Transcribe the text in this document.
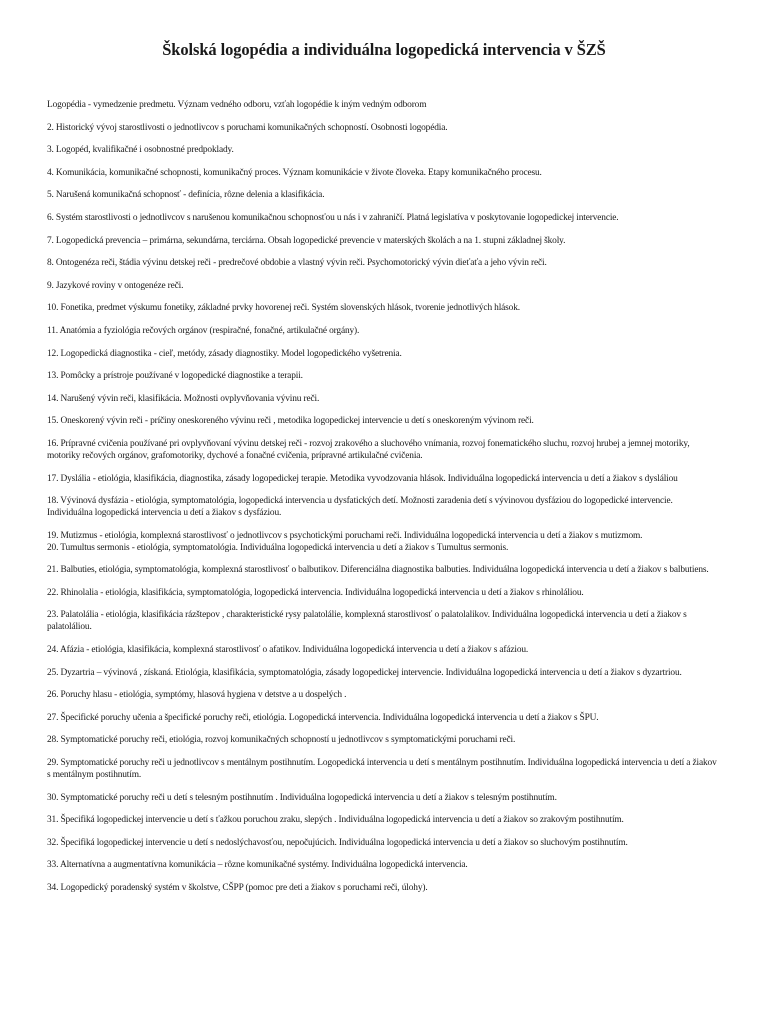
Školská logopédia a individuálna logopedická intervencia v ŠZŠ
Logopédia - vymedzenie predmetu. Význam vedného odboru, vzťah logopédie k iným vedným odborom
2. Historický vývoj starostlivosti o jednotlivcov s poruchami komunikačných schopností. Osobnosti logopédia.
3. Logopéd, kvalifikačné i osobnostné predpoklady.
4. Komunikácia, komunikačné schopnosti, komunikačný proces. Význam komunikácie v živote človeka. Etapy komunikačného procesu.
5. Narušená komunikačná schopnosť - definícia, rôzne delenia a klasifikácia.
6. Systém starostlivosti o jednotlivcov s narušenou komunikačnou schopnosťou u nás i v zahraničí. Platná legislatíva v poskytovanie logopedickej intervencie.
7. Logopedická prevencia – primárna, sekundárna, terciárna. Obsah logopedické prevencie v materských školách a na 1. stupni základnej školy.
8. Ontogenéza reči, štádia vývinu detskej reči - predrečové obdobie a vlastný vývin reči. Psychomotorický vývin dieťaťa a jeho vývin reči.
9. Jazykové roviny v ontogenéze reči.
10. Fonetika, predmet výskumu fonetiky, základné prvky hovorenej reči. Systém slovenských hlások, tvorenie jednotlivých hlások.
11. Anatómia a fyziológia rečových orgánov (respiračné, fonačné, artikulačné orgány).
12. Logopedická diagnostika - cieľ, metódy, zásady diagnostiky. Model logopedického vyšetrenia.
13. Pomôcky a prístroje používané v logopedické diagnostike a terapii.
14. Narušený vývin reči, klasifikácia. Možnosti ovplyvňovania vývinu reči.
15. Oneskorený vývin reči - príčiny oneskoreného vývinu reči , metodika logopedickej intervencie u detí s oneskoreným vývinom reči.
16. Prípravné cvičenia používané pri ovplyvňovaní vývinu detskej reči - rozvoj zrakového a sluchového vnímania, rozvoj fonematického sluchu, rozvoj hrubej a jemnej motoriky, motoriky rečových orgánov, grafomotoriky, dychové a fonačné cvičenia, prípravné artikulačné cvičenia.
17. Dyslália - etiológia, klasifikácia, diagnostika, zásady logopedickej terapie. Metodika vyvodzovania hlások. Individuálna logopedická intervencia u detí a žiakov s dysláliou
18. Vývinová dysfázia - etiológia, symptomatológia, logopedická intervencia u dysfatických detí. Možnosti zaradenia detí s vývinovou dysfáziou do logopedické intervencie. Individuálna logopedická intervencia u detí a žiakov s dysfáziou.
19. Mutizmus - etiológia, komplexná starostlivosť o jednotlivcov s psychotickými poruchami reči. Individuálna logopedická intervencia u detí a žiakov s mutizmom.
20. Tumultus sermonis - etiológia, symptomatológia. Individuálna logopedická intervencia u detí a žiakov s Tumultus sermonis.
21. Balbuties, etiológia, symptomatológia, komplexná starostlivosť o balbutikov. Diferenciálna diagnostika balbuties. Individuálna logopedická intervencia u detí a žiakov s balbutiens.
22. Rhinolalia - etiológia, klasifikácia, symptomatológia, logopedická intervencia. Individuálna logopedická intervencia u detí a žiakov s rhinoláliou.
23. Palatolália - etiológia, klasifikácia rázštepov , charakteristické rysy palatolálie, komplexná starostlivosť o palatolalikov. Individuálna logopedická intervencia u detí a žiakov s palatoláliou.
24. Afázia - etiológia, klasifikácia, komplexná starostlivosť o afatikov. Individuálna logopedická intervencia u detí a žiakov s afáziou.
25. Dyzartria – vývinová , získaná. Etiológia, klasifikácia, symptomatológia, zásady logopedickej intervencie. Individuálna logopedická intervencia u detí a žiakov s dyzartriou.
26. Poruchy hlasu - etiológia, symptómy, hlasová hygiena v detstve a u dospelých .
27. Špecifické poruchy učenia a špecifické poruchy reči, etiológia. Logopedická intervencia. Individuálna logopedická intervencia u detí a žiakov s ŠPU.
28. Symptomatické poruchy reči, etiológia, rozvoj komunikačných schopností u jednotlivcov s symptomatickými poruchami reči.
29. Symptomatické poruchy reči u jednotlivcov s mentálnym postihnutím. Logopedická intervencia u detí s mentálnym postihnutím. Individuálna logopedická intervencia u detí a žiakov s mentálnym postihnutím.
30. Symptomatické poruchy reči u detí s telesným postihnutím . Individuálna logopedická intervencia u detí a žiakov s telesným postihnutím.
31. Špecifiká logopedickej intervencie u detí s ťažkou poruchou zraku, slepých . Individuálna logopedická intervencia u detí a žiakov so zrakovým postihnutím.
32. Špecifiká logopedickej intervencie u detí s nedoslýchavosťou, nepočujúcich. Individuálna logopedická intervencia u detí a žiakov so sluchovým postihnutím.
33. Alternatívna a augmentatívna komunikácia – rôzne komunikačné systémy. Individuálna logopedická intervencia.
34. Logopedický poradenský systém v školstve, CŠPP (pomoc pre deti a žiakov s poruchami reči, úlohy).
